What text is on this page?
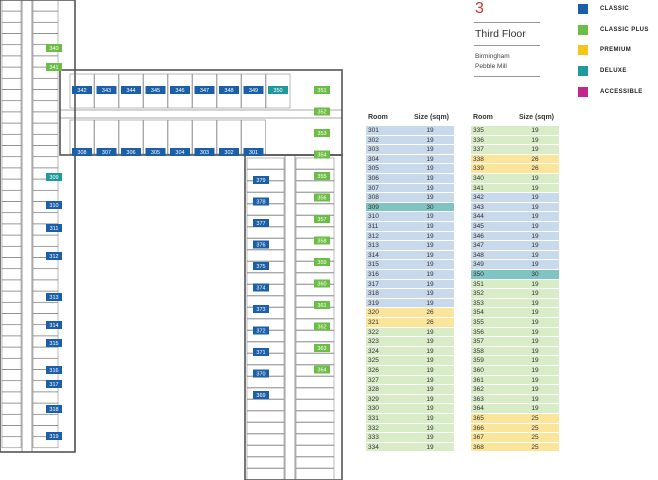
342	343	344	345	346	347	348	349	350
308	307	306	305	304	303	302	301
340
341
309
310
311
312
313
314
315
316
317
318
319
379
378
377
376
375
374
373
372
371
370
369
351
352
353
354
355
356
357
358
359
360
361
362
363
364
3
Third Floor
Birmingham
Pebble Mill
CLASSIC
CLASSIC PLUS
PREMIUM
DELUXE
ACCESSIBLE
Room	Size (sqm)
301	19
302	19
303	19
304	19
305	19
306	19
307	19
308	19
309	30
310	19
311	19
312	19
313	19
314	19
315	19
316	19
317	19
318	19
319	19
320	26
321	26
322	19
323	19
324	19
325	19
326	19
327	19
328	19
329	19
330	19
331	19
332	19
333	19
334	19
Room	Size (sqm)
335	19
336	19
337	19
338	26
339	26
340	19
341	19
342	19
343	19
344	19
345	19
346	19
347	19
348	19
349	19
350	30
351	19
352	19
353	19
354	19
355	19
356	19
357	19
358	19
359	19
360	19
361	19
362	19
363	19
364	19
365	25
366	25
367	25
368	25
